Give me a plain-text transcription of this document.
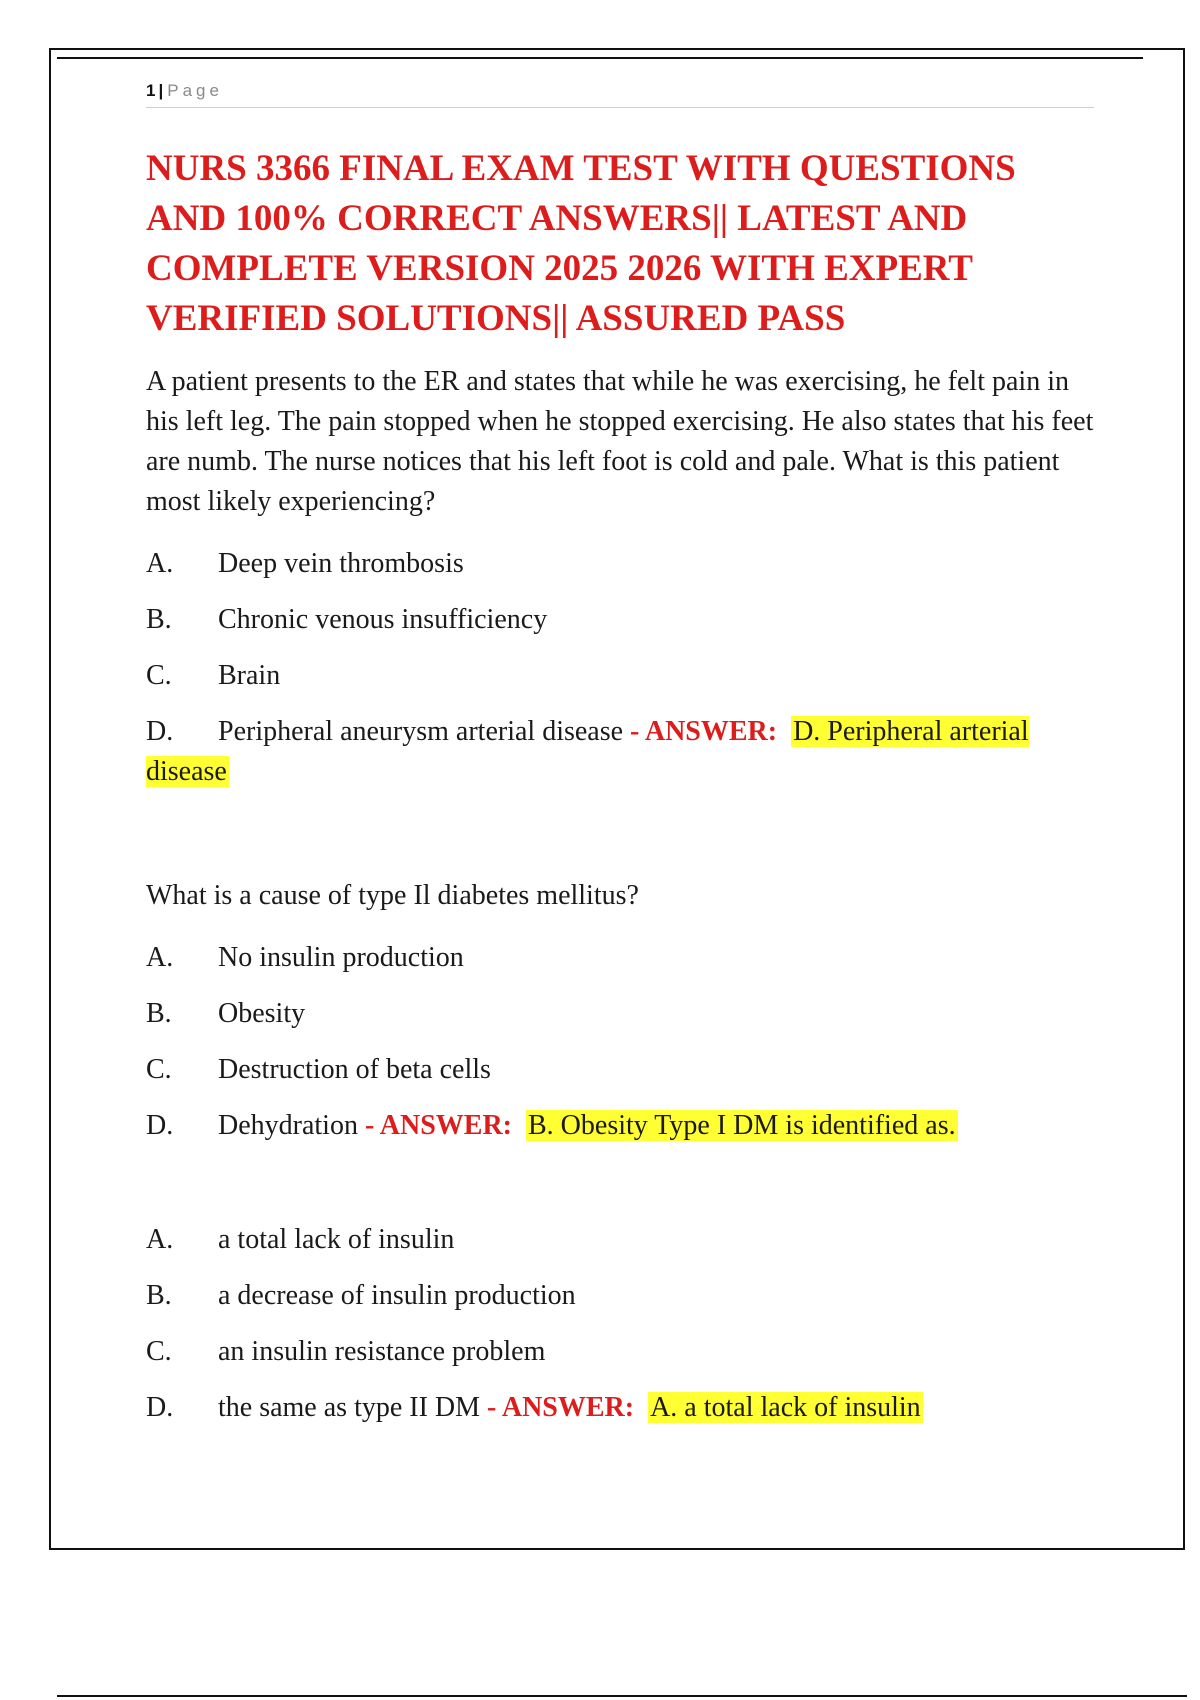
1 | Page
NURS 3366 FINAL EXAM TEST WITH QUESTIONS AND 100% CORRECT ANSWERS|| LATEST AND COMPLETE VERSION 2025 2026 WITH EXPERT VERIFIED SOLUTIONS|| ASSURED PASS

A patient presents to the ER and states that while he was exercising, he felt pain in his left leg. The pain stopped when he stopped exercising. He also states that his feet are numb. The nurse notices that his left foot is cold and pale. What is this patient most likely experiencing?

A. Deep vein thrombosis
B. Chronic venous insufficiency
C. Brain
D. Peripheral aneurysm arterial disease - ANSWER: D. Peripheral arterial disease

What is a cause of type Il diabetes mellitus?

A. No insulin production
B. Obesity
C. Destruction of beta cells
D. Dehydration - ANSWER: B. Obesity Type I DM is identified as.
A. a total lack of insulin
B. a decrease of insulin production
C. an insulin resistance problem
D. the same as type II DM - ANSWER: A. a total lack of insulin
